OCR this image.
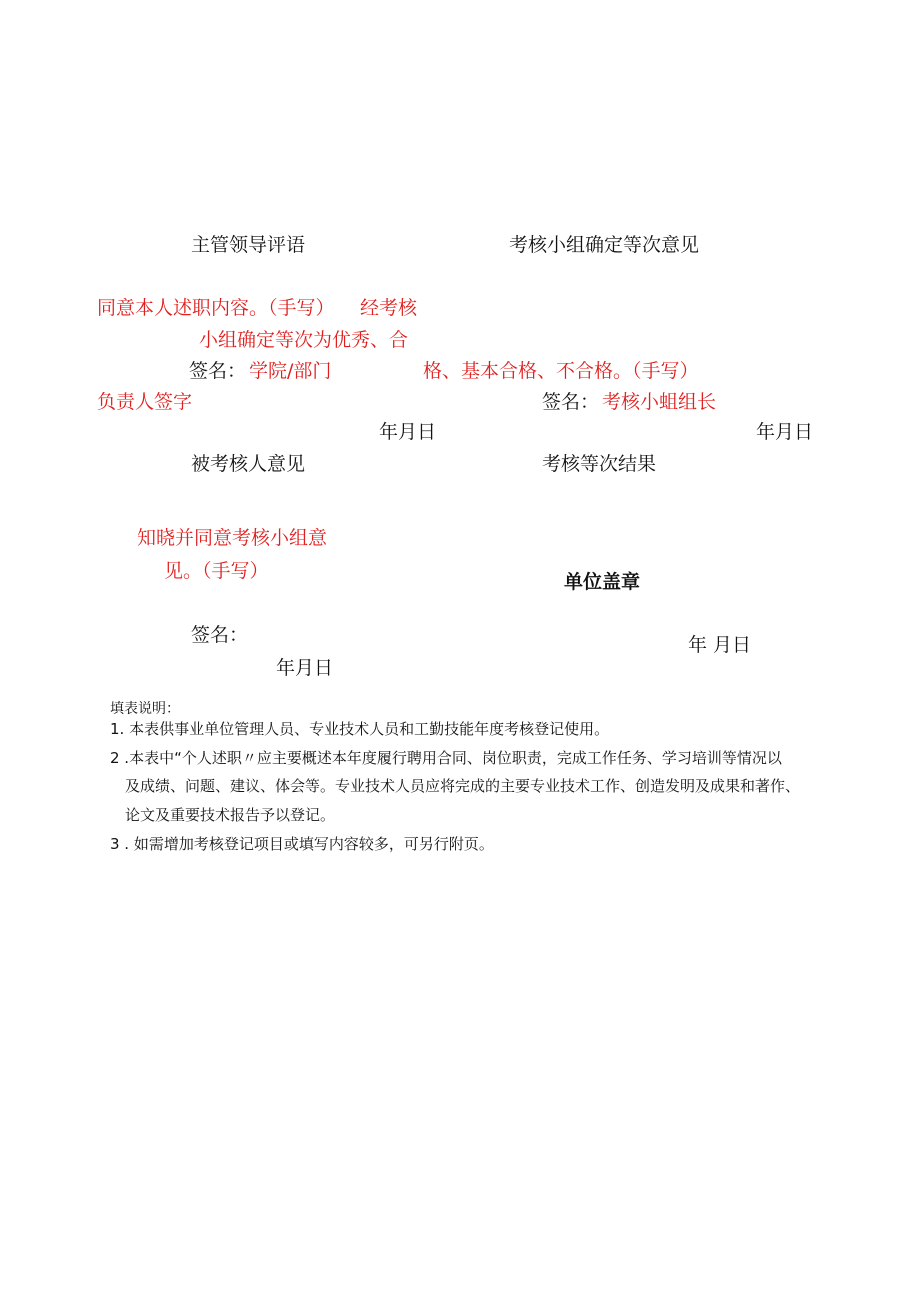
主管领导评语
同意本人述职内容。（手写）
签名： 学院/部门
负责人签字
年月日
考核小组确定等次意见
经考核
小组确定等次为优秀、合
格、基本合格、不合格。（手写）
签名： 考核小蛆组长
年月日
被考核人意见
知晓并同意考核小组意
见。（手写）
签名：
年月日
考核等次结果
单位盖章
年 月日
填表说明：
1. 本表供事业单位管理人员、专业技术人员和工勤技能年度考核登记使用。
2 .本表中“个人述职〃应主要概述本年度履行聘用合同、岗位职责，完成工作任务、学习培训等情况以
及成绩、问题、建议、体会等。专业技术人员应将完成的主要专业技术工作、创造发明及成果和著作、
论文及重要技术报告予以登记。
3 . 如需增加考核登记项目或填写内容较多，可另行附页。
